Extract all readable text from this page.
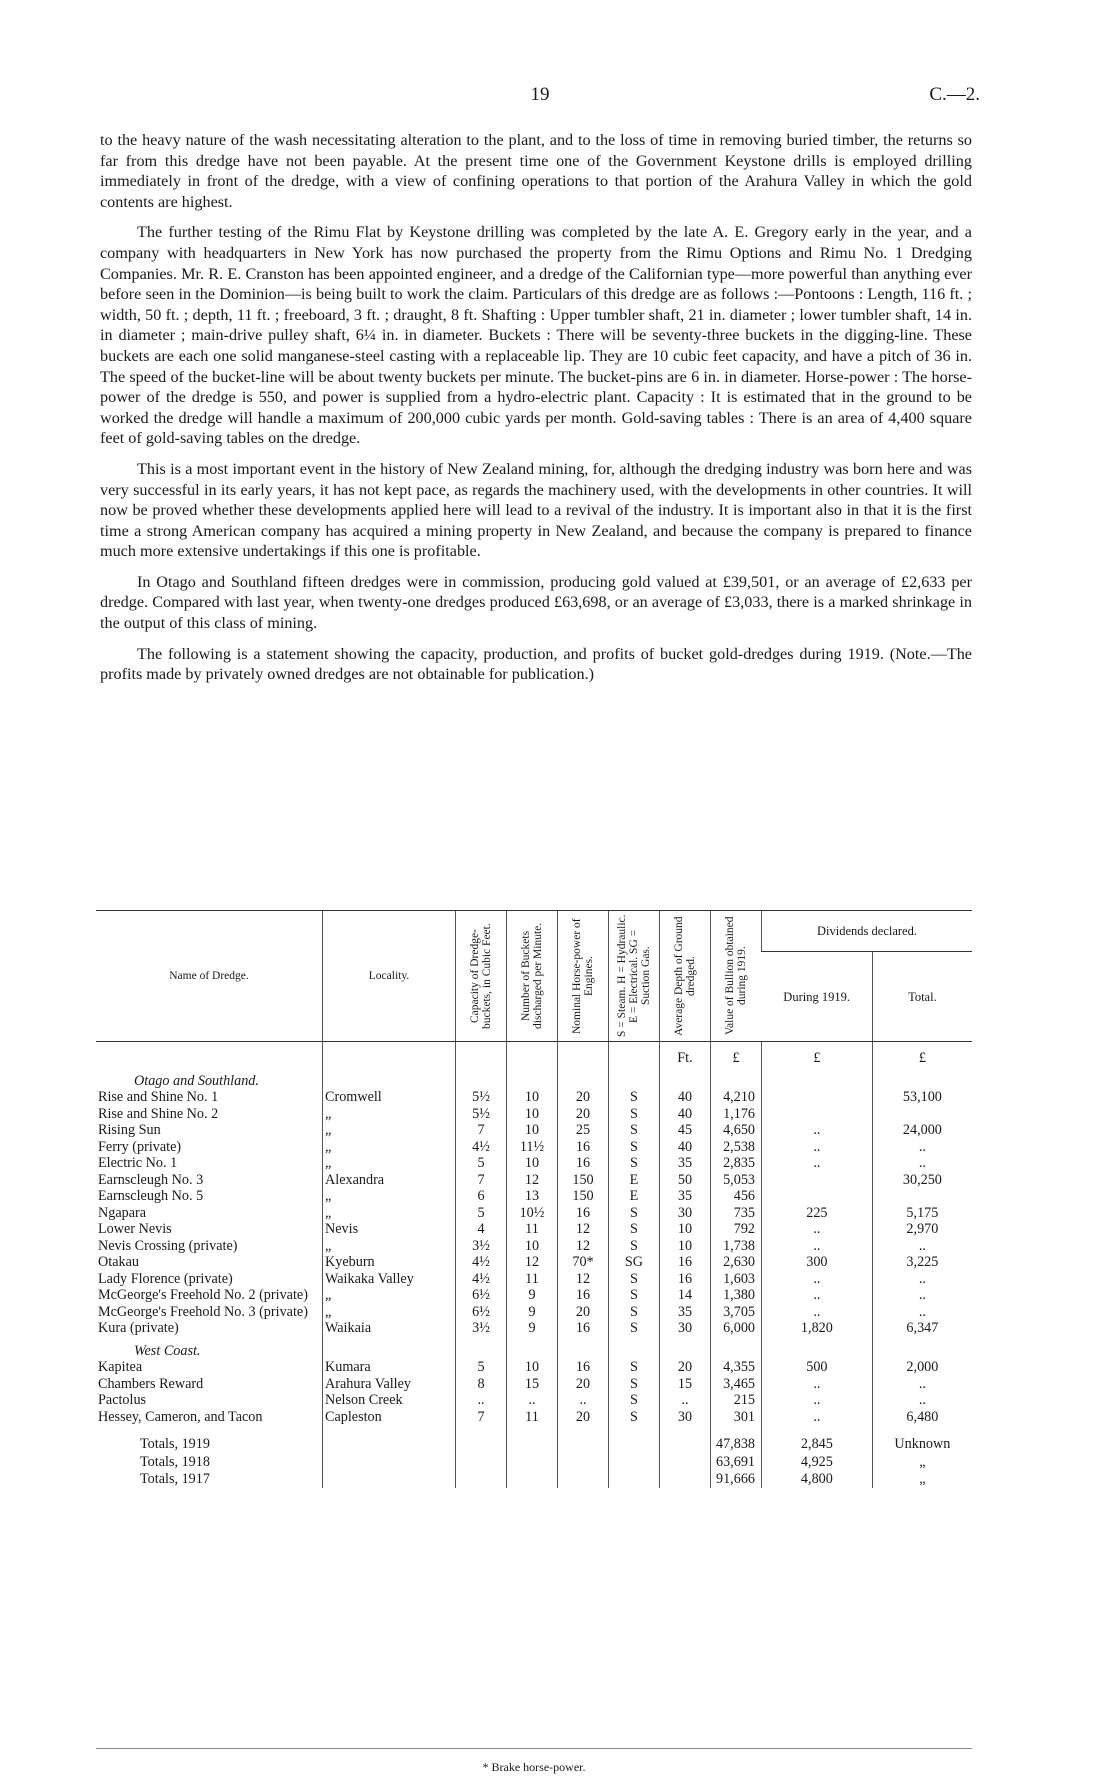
19	C.—2.

to the heavy nature of the wash necessitating alteration to the plant, and to the loss of time in removing buried timber, the returns so far from this dredge have not been payable. At the present time one of the Government Keystone drills is employed drilling immediately in front of the dredge, with a view of confining operations to that portion of the Arahura Valley in which the gold contents are highest.

The further testing of the Rimu Flat by Keystone drilling was completed by the late A. E. Gregory early in the year, and a company with headquarters in New York has now purchased the property from the Rimu Options and Rimu No. 1 Dredging Companies. Mr. R. E. Cranston has been appointed engineer, and a dredge of the Californian type—more powerful than anything ever before seen in the Dominion—is being built to work the claim. Particulars of this dredge are as follows :—Pontoons : Length, 116 ft. ; width, 50 ft. ; depth, 11 ft. ; freeboard, 3 ft. ; draught, 8 ft. Shafting : Upper tumbler shaft, 21 in. diameter ; lower tumbler shaft, 14 in. in diameter ; main-drive pulley shaft, 6¼ in. in diameter. Buckets : There will be seventy-three buckets in the digging-line. These buckets are each one solid manganese-steel casting with a replaceable lip. They are 10 cubic feet capacity, and have a pitch of 36 in. The speed of the bucket-line will be about twenty buckets per minute. The bucket-pins are 6 in. in diameter. Horse-power : The horse-power of the dredge is 550, and power is supplied from a hydro-electric plant. Capacity : It is estimated that in the ground to be worked the dredge will handle a maximum of 200,000 cubic yards per month. Gold-saving tables : There is an area of 4,400 square feet of gold-saving tables on the dredge.

This is a most important event in the history of New Zealand mining, for, although the dredging industry was born here and was very successful in its early years, it has not kept pace, as regards the machinery used, with the developments in other countries. It will now be proved whether these developments applied here will lead to a revival of the industry. It is important also in that it is the first time a strong American company has acquired a mining property in New Zealand, and because the company is prepared to finance much more extensive undertakings if this one is profitable.

In Otago and Southland fifteen dredges were in commission, producing gold valued at £39,501, or an average of £2,633 per dredge. Compared with last year, when twenty-one dredges produced £63,698, or an average of £3,033, there is a marked shrinkage in the output of this class of mining.

The following is a statement showing the capacity, production, and profits of bucket gold-dredges during 1919. (Note.—The profits made by privately owned dredges are not obtainable for publication.)

Name of Dredge.	Locality.	Capacity of Dredge-buckets, in Cubic Feet.	Number of Buckets discharged per Minute.	Nominal Horse-power of Engines.	S = Steam. H = Hydraulic. E = Electrical. SG = Suction Gas.	Average Depth of Ground dredged.	Value of Bullion obtained during 1919.	Dividends declared.	
								During 1919.	Total.
						Ft.	£	£	£
Otago and Southland.									
Rise and Shine No. 1	Cromwell	5½	10	20	S	40	4,210		53,100
Rise and Shine No. 2	„	5½	10	20	S	40	1,176		
Rising Sun	„	7	10	25	S	45	4,650	..	24,000
Ferry (private)	„	4½	11½	16	S	40	2,538	..	..
Electric No. 1	„	5	10	16	S	35	2,835	..	..
Earnscleugh No. 3	Alexandra	7	12	150	E	50	5,053		30,250
Earnscleugh No. 5	„	6	13	150	E	35	456		
Ngapara	„	5	10½	16	S	30	735	225	5,175
Lower Nevis	Nevis	4	11	12	S	10	792	..	2,970
Nevis Crossing (private)	„	3½	10	12	S	10	1,738	..	..
Otakau	Kyeburn	4½	12	70*	SG	16	2,630	300	3,225
Lady Florence (private)	Waikaka Valley	4½	11	12	S	16	1,603	..	..
McGeorge's Freehold No. 2 (private)	„	6½	9	16	S	14	1,380	..	..
McGeorge's Freehold No. 3 (private)	„	6½	9	20	S	35	3,705	..	..
Kura (private)	Waikaia	3½	9	16	S	30	6,000	1,820	6,347
West Coast.									
Kapitea	Kumara	5	10	16	S	20	4,355	500	2,000
Chambers Reward	Arahura Valley	8	15	20	S	15	3,465	..	..
Pactolus	Nelson Creek	..	..	..	S	..	215	..	..
Hessey, Cameron, and Tacon	Capleston	7	11	20	S	30	301	..	6,480

Totals, 1919							47,838	2,845	Unknown
Totals, 1918							63,691	4,925	„
Totals, 1917							91,666	4,800	„
* Brake horse-power.
